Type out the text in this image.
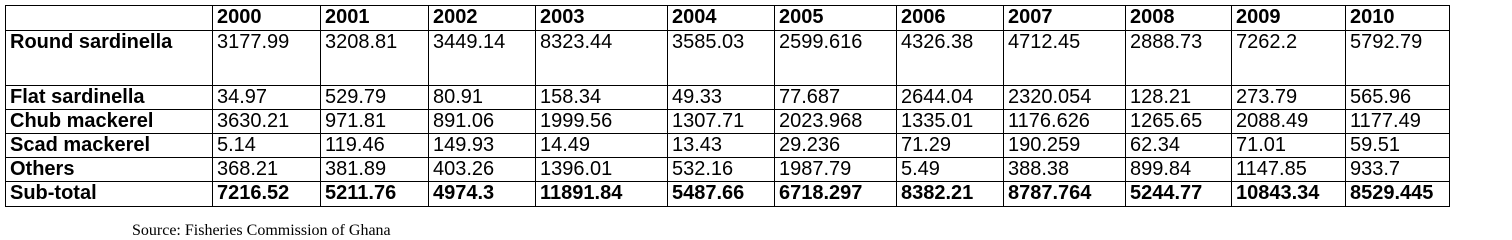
	2000	2001	2002	2003	2004	2005	2006	2007	2008	2009	2010
Round sardinella	3177.99	3208.81	3449.14	8323.44	3585.03	2599.616	4326.38	4712.45	2888.73	7262.2	5792.79
Flat sardinella	34.97	529.79	80.91	158.34	49.33	77.687	2644.04	2320.054	128.21	273.79	565.96
Chub mackerel	3630.21	971.81	891.06	1999.56	1307.71	2023.968	1335.01	1176.626	1265.65	2088.49	1177.49
Scad mackerel	5.14	119.46	149.93	14.49	13.43	29.236	71.29	190.259	62.34	71.01	59.51
Others	368.21	381.89	403.26	1396.01	532.16	1987.79	5.49	388.38	899.84	1147.85	933.7
Sub-total	7216.52	5211.76	4974.3	11891.84	5487.66	6718.297	8382.21	8787.764	5244.77	10843.34	8529.445
Source: Fisheries Commission of Ghana
